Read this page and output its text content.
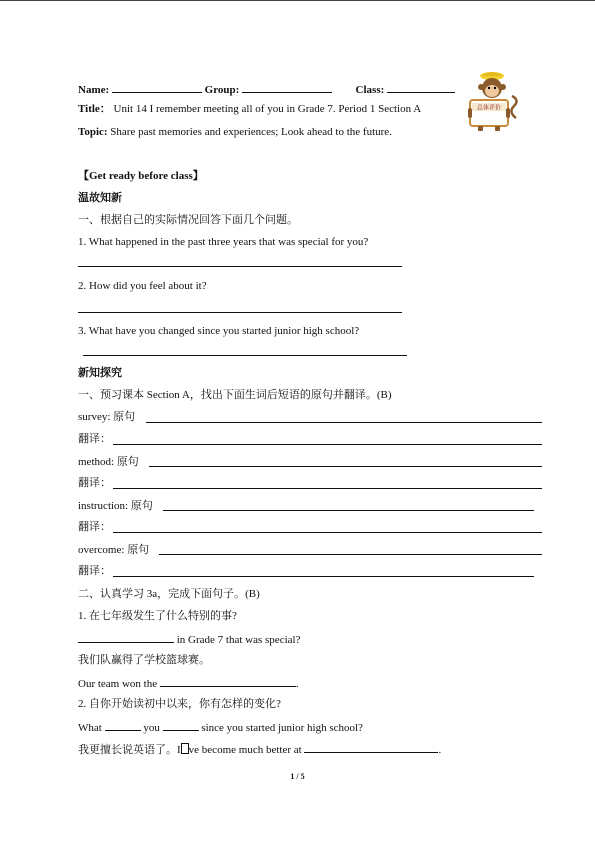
Name:	Group:	Class:
Title： Unit 14 I remember meeting all of you in Grade 7. Period 1 Section A
Topic: Share past memories and experiences; Look ahead to the future.
总体评价
【Get ready before class】
温故知新
一、根据自己的实际情况回答下面几个问题。
1. What happened in the past three years that was special for you?
2. How did you feel about it?
3. What have you changed since you started junior high school?
新知探究
一、预习课本 Section A，找出下面生词后短语的原句并翻译。(B)
survey: 原句
翻译：
method: 原句
翻译：
instruction: 原句
翻译：
overcome: 原句
翻译：
二、认真学习 3a，完成下面句子。(B)
1. 在七年级发生了什么特别的事?
in Grade 7 that was special?
我们队赢得了学校篮球赛。
Our team won the	.
2. 自你开始读初中以来，你有怎样的变化?
What	you	since you started junior high school?
我更擅长说英语了。I ve become much better at	.
1 / 5
